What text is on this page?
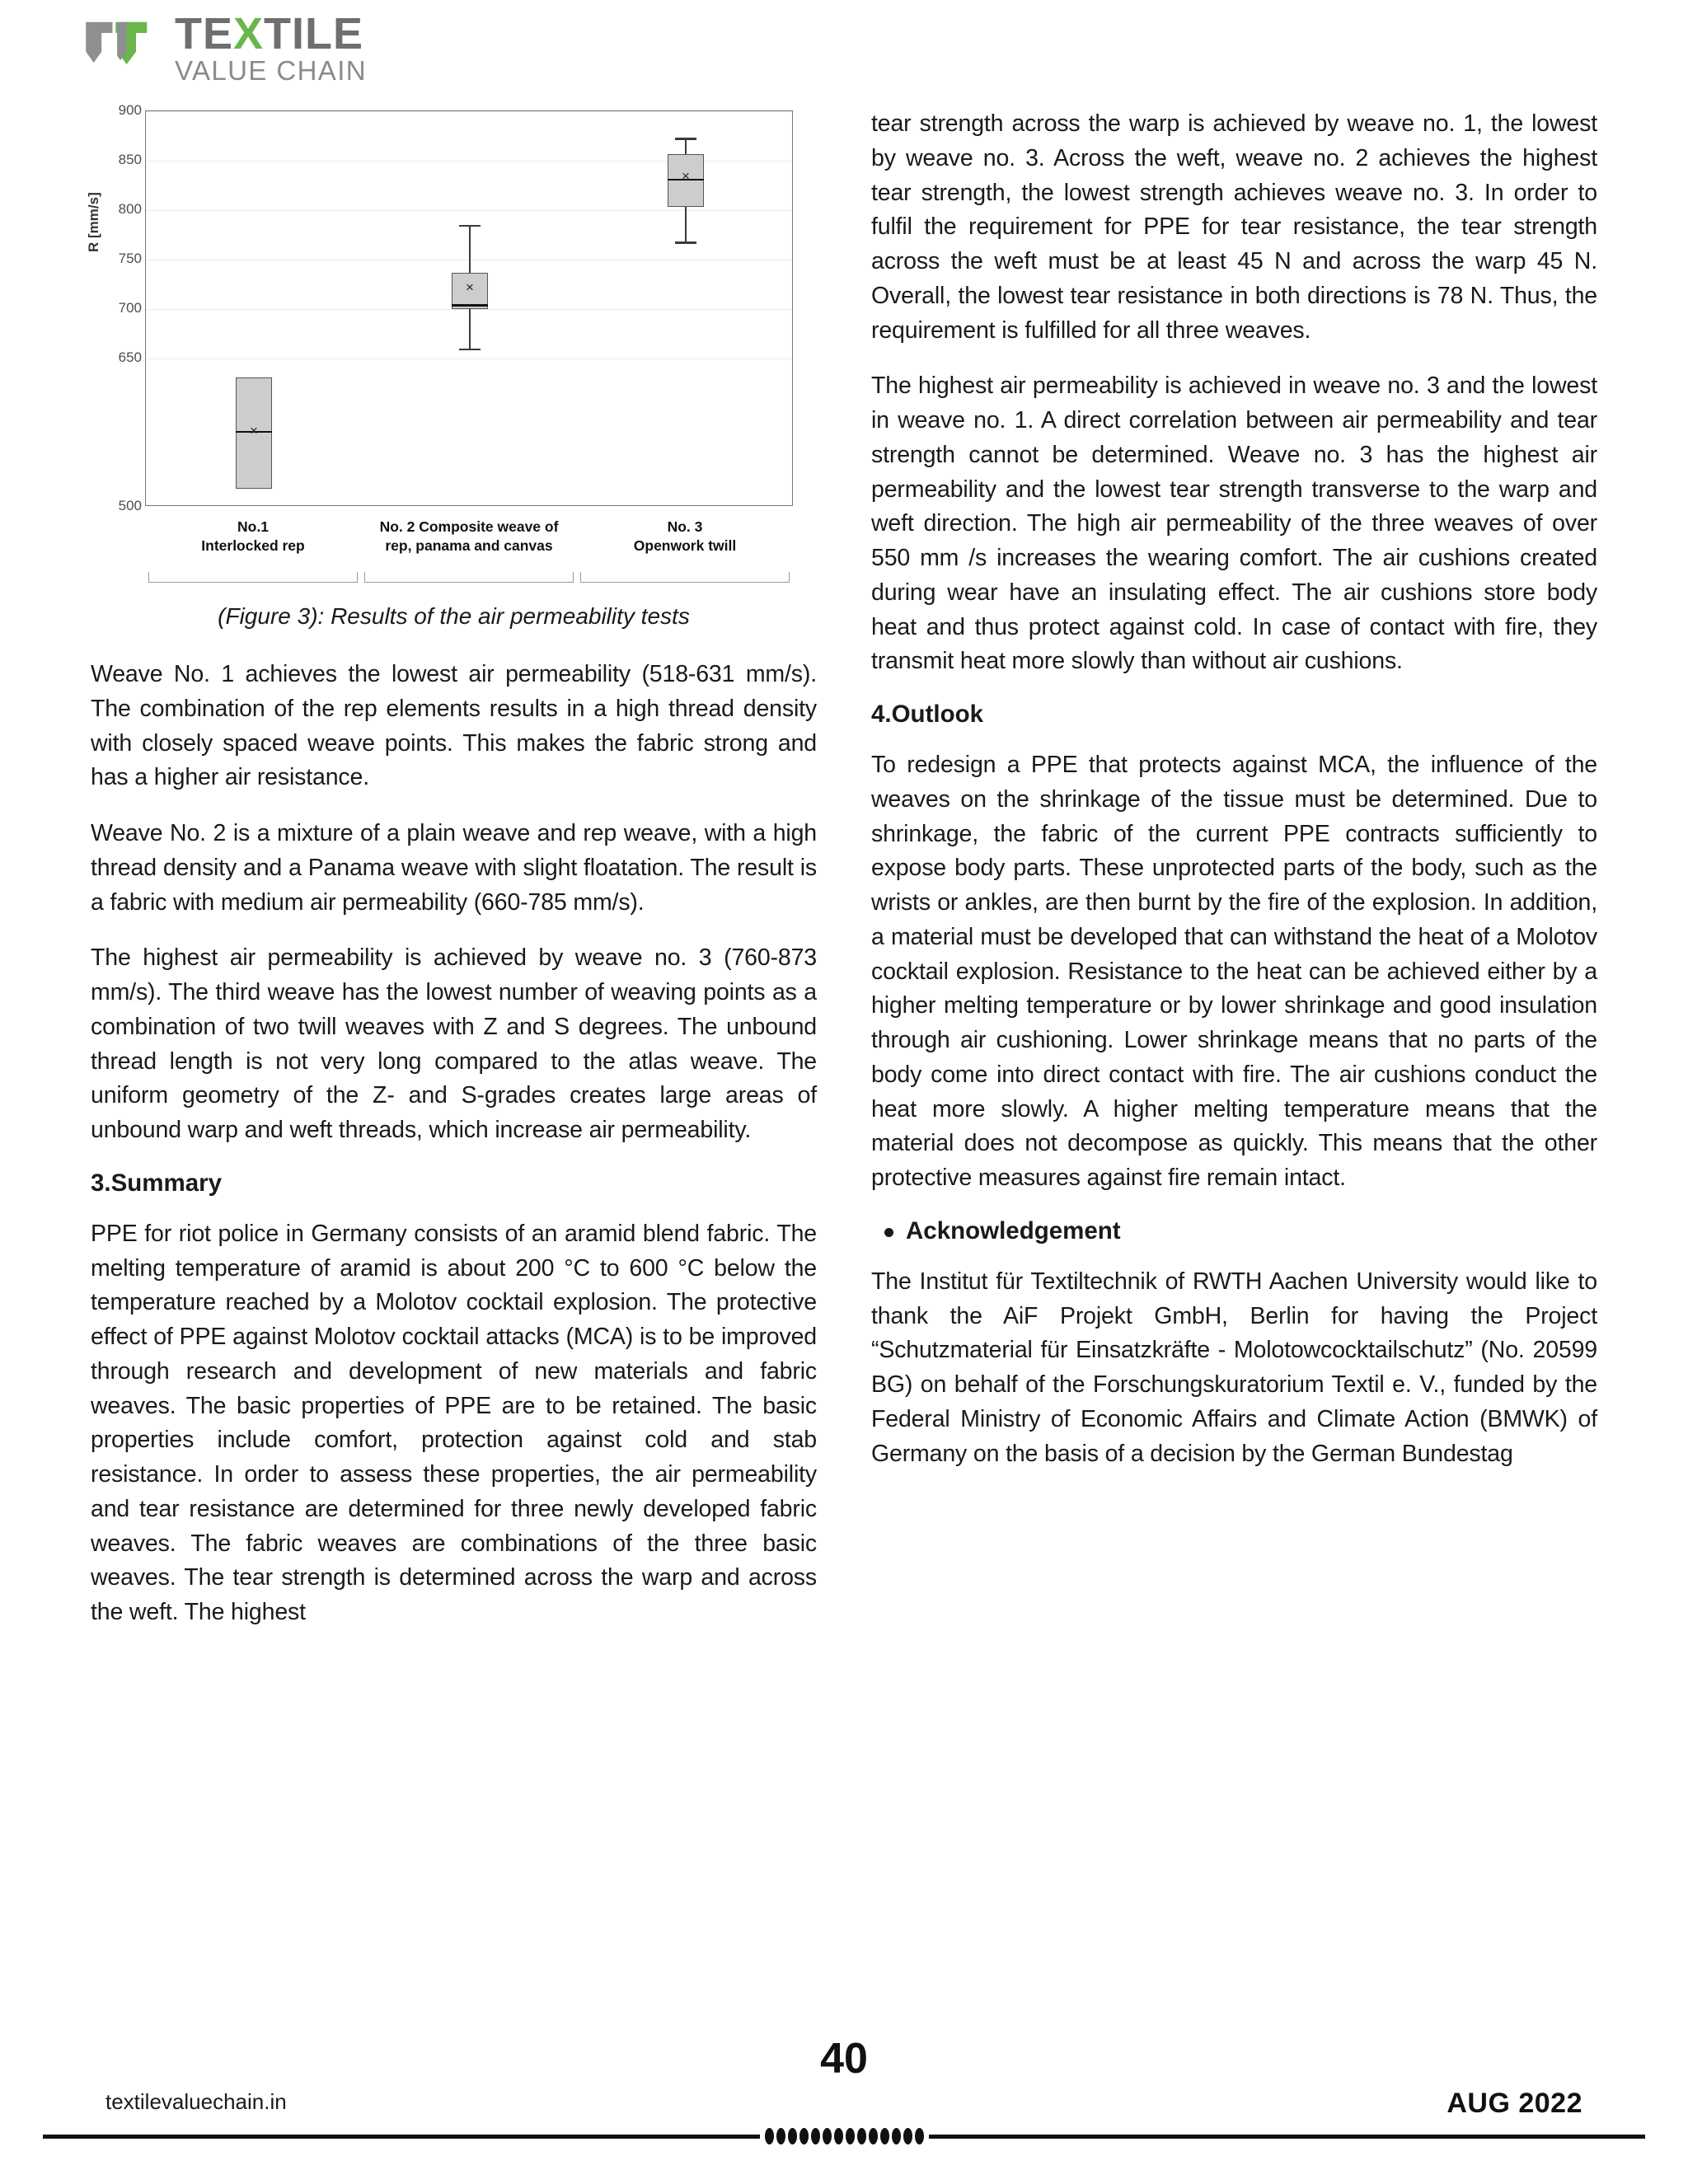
TEXTILE
VALUE CHAIN
R [mm/s]
×
×
×
No.1
Interlocked rep
No. 2 Composite weave of
rep, panama and canvas
No. 3
Openwork twill
900
850
800
750
700
650
500
(Figure 3): Results of the air permeability tests

Weave No. 1 achieves the lowest air permeability (518-631 mm/s). The combination of the rep elements results in a high thread density with closely spaced weave points. This makes the fabric strong and has a higher air resistance.

Weave No. 2 is a mixture of a plain weave and rep weave, with a high thread density and a Panama weave with slight floatation. The result is a fabric with medium air permeability (660-785 mm/s).

The highest air permeability is achieved by weave no. 3 (760-873 mm/s). The third weave has the lowest number of weaving points as a combination of two twill weaves with Z and S degrees. The unbound thread length is not very long compared to the atlas weave. The uniform geometry of the Z- and S-grades creates large areas of unbound warp and weft threads, which increase air permeability.

3.Summary

PPE for riot police in Germany consists of an aramid blend fabric. The melting temperature of aramid is about 200 °C to 600 °C below the temperature reached by a Molotov cocktail explosion. The protective effect of PPE against Molotov cocktail attacks (MCA) is to be improved through research and development of new materials and fabric weaves. The basic properties of PPE are to be retained. The basic properties include comfort, protection against cold and stab resistance. In order to assess these properties, the air permeability and tear resistance are determined for three newly developed fabric weaves. The fabric weaves are combinations of the three basic weaves. The tear strength is determined across the warp and across the weft. The highest

tear strength across the warp is achieved by weave no. 1, the lowest by weave no. 3. Across the weft, weave no. 2 achieves the highest tear strength, the lowest strength achieves weave no. 3. In order to fulfil the requirement for PPE for tear resistance, the tear strength across the weft must be at least 45 N and across the warp 45 N. Overall, the lowest tear resistance in both directions is 78 N. Thus, the requirement is fulfilled for all three weaves.

The highest air permeability is achieved in weave no. 3 and the lowest in weave no. 1. A direct correlation between air permeability and tear strength cannot be determined. Weave no. 3 has the highest air permeability and the lowest tear strength transverse to the warp and weft direction. The high air permeability of the three weaves of over 550 mm /s increases the wearing comfort. The air cushions created during wear have an insulating effect. The air cushions store body heat and thus protect against cold. In case of contact with fire, they transmit heat more slowly than without air cushions.

4.Outlook

To redesign a PPE that protects against MCA, the influence of the weaves on the shrinkage of the tissue must be determined. Due to shrinkage, the fabric of the current PPE contracts sufficiently to expose body parts. These unprotected parts of the body, such as the wrists or ankles, are then burnt by the fire of the explosion. In addition, a material must be developed that can withstand the heat of a Molotov cocktail explosion. Resistance to the heat can be achieved either by a higher melting temperature or by lower shrinkage and good insulation through air cushioning. Lower shrinkage means that no parts of the body come into direct contact with fire. The air cushions conduct the heat more slowly. A higher melting temperature means that the material does not decompose as quickly. This means that the other protective measures against fire remain intact.

Acknowledgement

The Institut für Textiltechnik of RWTH Aachen University would like to thank the AiF Projekt GmbH, Berlin for having the Project “Schutzmaterial für Einsatzkräfte - Molotowcocktailschutz” (No. 20599 BG) on behalf of the Forschungskuratorium Textil e. V., funded by the Federal Ministry of Economic Affairs and Climate Action (BMWK) of Germany on the basis of a decision by the German Bundestag

40
textilevaluechain.in	AUG 2022
